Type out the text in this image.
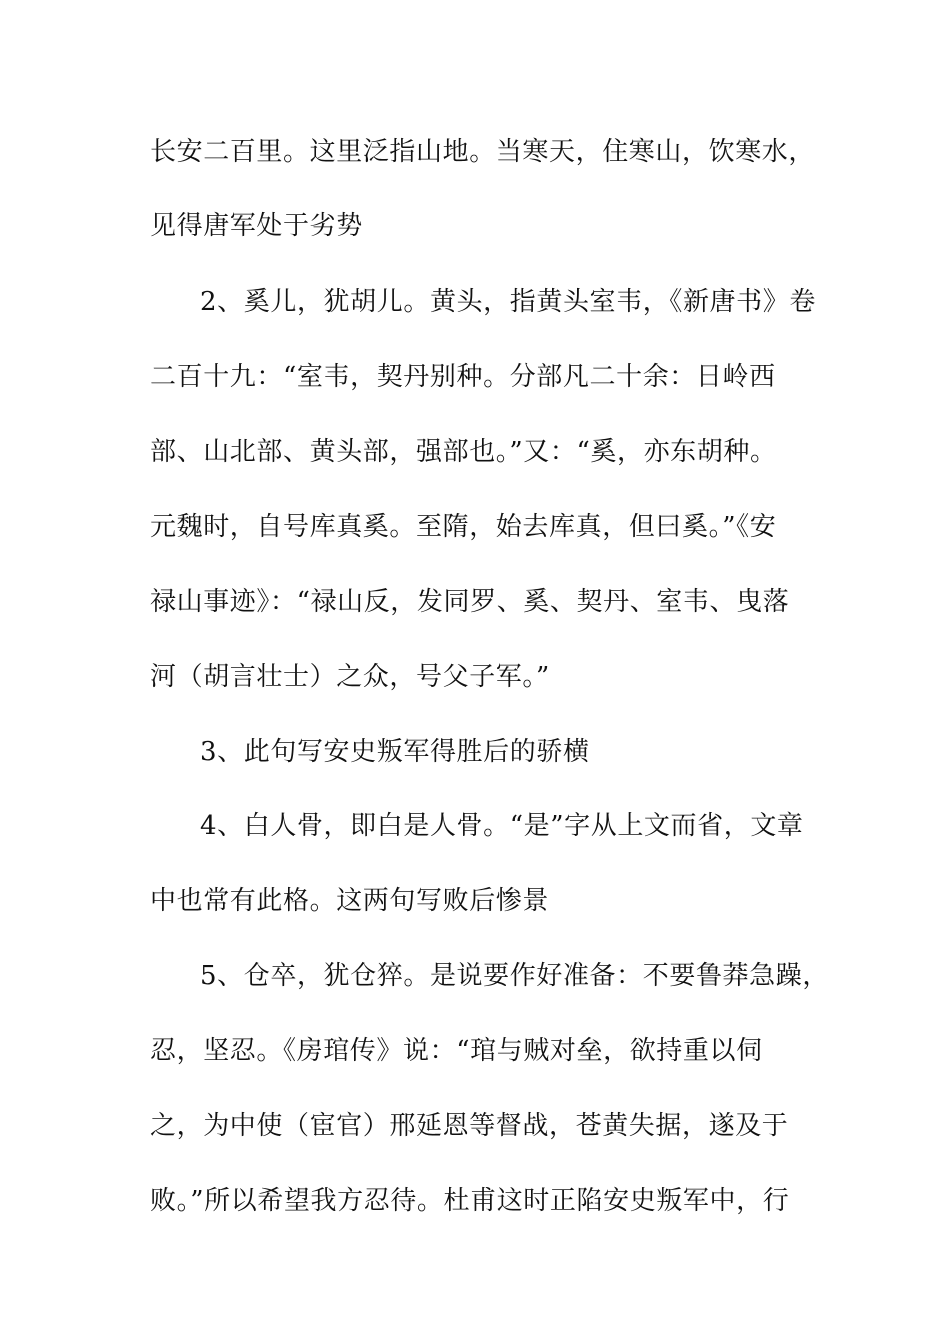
长安二百里。这里泛指山地。当寒天，住寒山，饮寒水，
见得唐军处于劣势
2、奚儿，犹胡儿。黄头，指黄头室韦，《新唐书》卷
二百十九：“室韦，契丹别种。分部凡二十余：日岭西
部、山北部、黄头部，强部也。”又：“奚，亦东胡种。
元魏时，自号库真奚。至隋，始去库真，但曰奚。”《安
禄山事迹》：“禄山反，发同罗、奚、契丹、室韦、曳落
河（胡言壮士）之众，号父子军。”
3、此句写安史叛军得胜后的骄横
4、白人骨，即白是人骨。“是”字从上文而省，文章
中也常有此格。这两句写败后惨景
5、仓卒，犹仓猝。是说要作好准备：不要鲁莽急躁，
忍，坚忍。《房琯传》说：“琯与贼对垒，欲持重以伺
之，为中使（宦官）邢延恩等督战，苍黄失据，遂及于
败。”所以希望我方忍待。杜甫这时正陷安史叛军中，行
